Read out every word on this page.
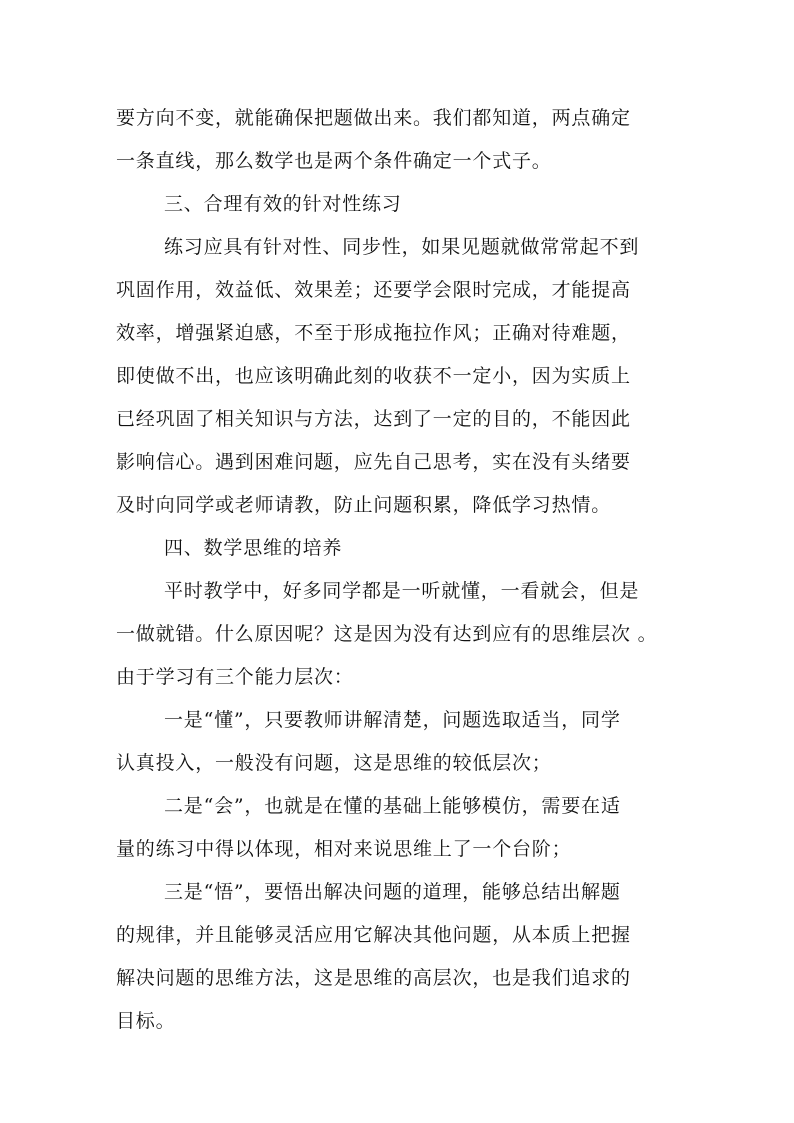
要方向不变，就能确保把题做出来。我们都知道，两点确定
一条直线，那么数学也是两个条件确定一个式子。
三、合理有效的针对性练习
练习应具有针对性、同步性，如果见题就做常常起不到
巩固作用，效益低、效果差；还要学会限时完成，才能提高
效率，增强紧迫感，不至于形成拖拉作风；正确对待难题，
即使做不出，也应该明确此刻的收获不一定小，因为实质上
已经巩固了相关知识与方法，达到了一定的目的，不能因此
影响信心。遇到困难问题，应先自己思考，实在没有头绪要
及时向同学或老师请教，防止问题积累，降低学习热情。
四、数学思维的培养
平时教学中，好多同学都是一听就懂，一看就会，但是
一做就错。什么原因呢？这是因为没有达到应有的思维层次 。
由于学习有三个能力层次：
一是“懂”，只要教师讲解清楚，问题选取适当，同学
认真投入，一般没有问题，这是思维的较低层次；
二是“会”，也就是在懂的基础上能够模仿，需要在适
量的练习中得以体现，相对来说思维上了一个台阶；
三是“悟”，要悟出解决问题的道理，能够总结出解题
的规律，并且能够灵活应用它解决其他问题，从本质上把握
解决问题的思维方法，这是思维的高层次，也是我们追求的
目标。
